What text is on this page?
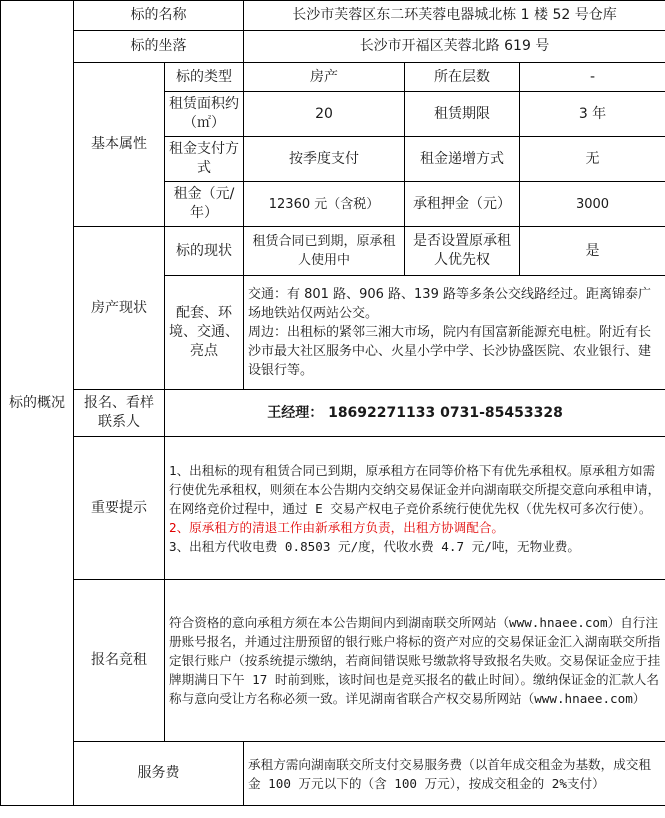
标的概况	标的名称		长沙市芙蓉区东二环芙蓉电器城北栋 1 楼 52 号仓库		
	标的坐落		长沙市开福区芙蓉北路 619 号		
	基本属性	标的类型	房产	所在层数	-
		租赁面积约（㎡）	20	租赁期限	3 年
		租金支付方式	按季度支付	租金递增方式	无
		租金（元/年）	12360 元（含税）	承租押金（元）	3000
	房产现状	标的现状	租赁合同已到期，原承租人使用中	是否设置原承租人优先权	是
		配套、环境、交通、亮点	交通：有 801 路、906 路、139 路等多条公交线路经过。距离锦泰广场地铁站仅两站公交。
周边：出租标的紧邻三湘大市场，院内有国富新能源充电桩。附近有长沙市最大社区服务中心、火星小学中学、长沙协盛医院、农业银行、建设银行等。		

	报名、看样联系人	王经理： 18692271133 0731-85453328			
	重要提示	1、出租标的现有租赁合同已到期，原承租方在同等价格下有优先承租权。原承租方如需行使优先承租权，则须在本公告期内交纳交易保证金并向湖南联交所提交意向承租申请，在网络竞价过程中，通过 E 交易产权电子竞价系统行使优先权（优先权可多次行使）。
2、原承租方的清退工作由新承租方负责，出租方协调配合。
3、出租方代收电费 0.8503 元/度，代收水费 4.7 元/吨，无物业费。			

	报名竞租	符合资格的意向承租方须在本公告期间内到湖南联交所网站（www.hnaee.com）自行注册账号报名，并通过注册预留的银行账户将标的资产对应的交易保证金汇入湖南联交所指定银行账户（按系统提示缴纳，若商间错误账号缴款将导致报名失败。交易保证金应于挂牌期满日下午 17 时前到账，该时间也是竞买报名的截止时间）。缴纳保证金的汇款人名称与意向受让方名称必须一致。详见湖南省联合产权交易所网站（www.hnaee.com）			
	服务费		承租方需向湖南联交所支付交易服务费（以首年成交租金为基数，成交租金 100 万元以下的（含 100 万元），按成交租金的 2%支付）		
